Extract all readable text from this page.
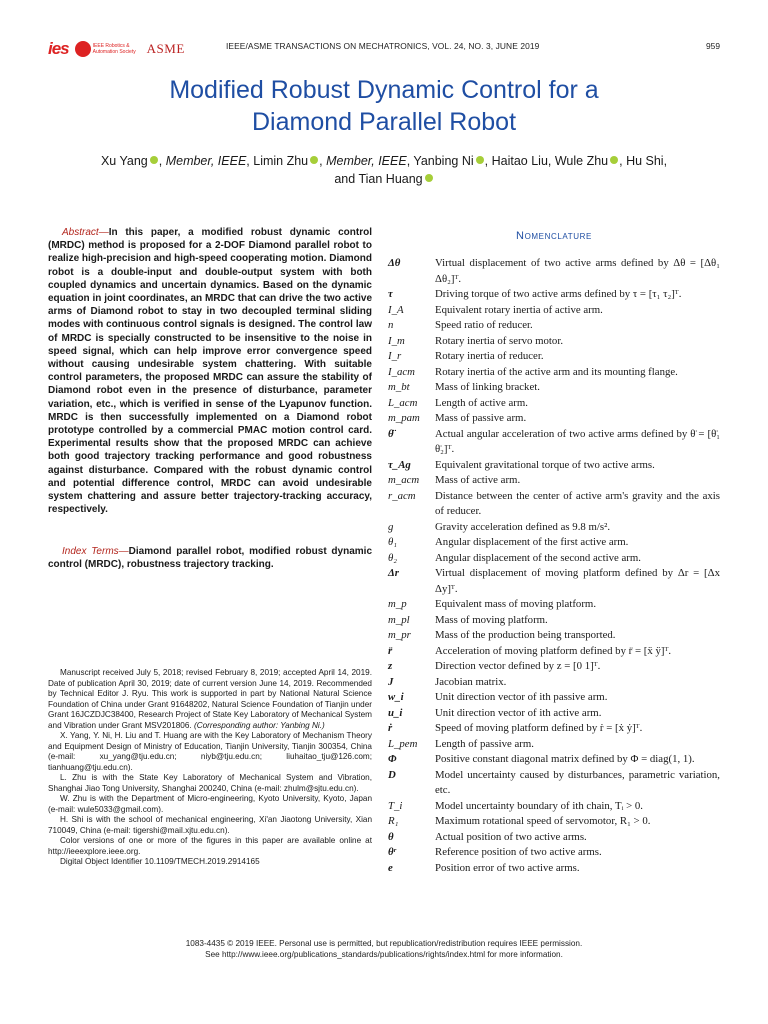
ies	IEEE Robotics & Automation Society ASME	IEEE/ASME TRANSACTIONS ON MECHATRONICS, VOL. 24, NO. 3, JUNE 2019	959
Modified Robust Dynamic Control for a
Diamond Parallel Robot
Xu Yang , Member, IEEE, Limin Zhu , Member, IEEE, Yanbing Ni , Haitao Liu, Wule Zhu , Hu Shi,
and Tian Huang
Abstract—In this paper, a modified robust dynamic control (MRDC) method is proposed for a 2-DOF Diamond parallel robot to realize high-precision and high-speed cooperating motion. Diamond robot is a double-input and double-output system with both coupled dynamics and uncertain dynamics. Based on the dynamic equation in joint coordinates, an MRDC that can drive the two active arms of Diamond robot to stay in two decoupled terminal sliding modes with continuous control signals is designed. The control law of MRDC is specially constructed to be insensitive to the noise in speed signal, which can help improve error convergence speed without causing undesirable system chattering. With suitable control parameters, the proposed MRDC can assure the stability of Diamond robot even in the presence of disturbance, parameter variation, etc., which is verified in sense of the Lyapunov function. MRDC is then successfully implemented on a Diamond robot prototype controlled by a commercial PMAC motion control card. Experimental results show that the proposed MRDC can achieve both good trajectory tracking performance and good robustness against disturbance. Compared with the robust dynamic control and potential difference control, MRDC can avoid undesirable system chattering and assure better trajectory-tracking accuracy, respectively.
Index Terms—Diamond parallel robot, modified robust dynamic control (MRDC), robustness trajectory tracking.

Manuscript received July 5, 2018; revised February 8, 2019; accepted April 14, 2019. Date of publication April 30, 2019; date of current version June 14, 2019. Recommended by Technical Editor J. Ryu. This work is supported in part by National Natural Science Foundation of China under Grant 91648202, Natural Science Foundation of Tianjin under Grant 16JCZDJC38400, Research Project of State Key Laboratory of Mechanical System and Vibration under Grant MSV201806. (Corresponding author: Yanbing Ni.)

X. Yang, Y. Ni, H. Liu and T. Huang are with the Key Laboratory of Mechanism Theory and Equipment Design of Ministry of Education, Tianjin University, Tianjin 300354, China (e-mail: xu_yang@tju.edu.cn; niyb@tju.edu.cn; liuhaitao_tju@126.com; tianhuang@tju.edu.cn).

L. Zhu is with the State Key Laboratory of Mechanical System and Vibration, Shanghai Jiao Tong University, Shanghai 200240, China (e-mail: zhulm@sjtu.edu.cn).

W. Zhu is with the Department of Micro-engineering, Kyoto University, Kyoto, Japan (e-mail: wule5033@gmail.com).

H. Shi is with the school of mechanical engineering, Xi'an Jiaotong University, Xian 710049, China (e-mail: tigershi@mail.xjtu.edu.cn).

Color versions of one or more of the figures in this paper are available online at http://ieeexplore.ieee.org.

Digital Object Identifier 10.1109/TMECH.2019.2914165

Nomenclature
Δθ	Virtual displacement of two active arms defined by Δθ = [Δθ₁ Δθ₂]ᵀ.
τ	Driving torque of two active arms defined by τ = [τ₁ τ₂]ᵀ.
I_A	Equivalent rotary inertia of active arm.
n	Speed ratio of reducer.
I_m	Rotary inertia of servo motor.
I_r	Rotary inertia of reducer.
I_acm	Rotary inertia of the active arm and its mounting flange.
m_bt	Mass of linking bracket.
L_acm	Length of active arm.
m_pam	Mass of passive arm.
θ̈	Actual angular acceleration of two active arms defined by θ̈ = [θ̈₁ θ̈₂]ᵀ.
τ_Ag	Equivalent gravitational torque of two active arms.
m_acm	Mass of active arm.
r_acm	Distance between the center of active arm's gravity and the axis of reducer.
g	Gravity acceleration defined as 9.8 m/s².
θ₁	Angular displacement of the first active arm.
θ₂	Angular displacement of the second active arm.
Δr	Virtual displacement of moving platform defined by Δr = [Δx Δy]ᵀ.
m_p	Equivalent mass of moving platform.
m_pl	Mass of moving platform.
m_pr	Mass of the production being transported.
r̈	Acceleration of moving platform defined by r̈ = [ẍ ÿ]ᵀ.
z	Direction vector defined by z = [0 1]ᵀ.
J	Jacobian matrix.
w_i	Unit direction vector of ith passive arm.
u_i	Unit direction vector of ith active arm.
ṙ	Speed of moving platform defined by ṙ = [ẋ ẏ]ᵀ.
L_pem	Length of passive arm.
Φ	Positive constant diagonal matrix defined by Φ = diag(1, 1).
D	Model uncertainty caused by disturbances, parametric variation, etc.
T_i	Model uncertainty boundary of ith chain, Tᵢ > 0.
R₁	Maximum rotational speed of servomotor, R₁ > 0.
θ	Actual position of two active arms.
θʳ	Reference position of two active arms.
e	Position error of two active arms.
1083-4435 © 2019 IEEE. Personal use is permitted, but republication/redistribution requires IEEE permission.
See http://www.ieee.org/publications_standards/publications/rights/index.html for more information.
